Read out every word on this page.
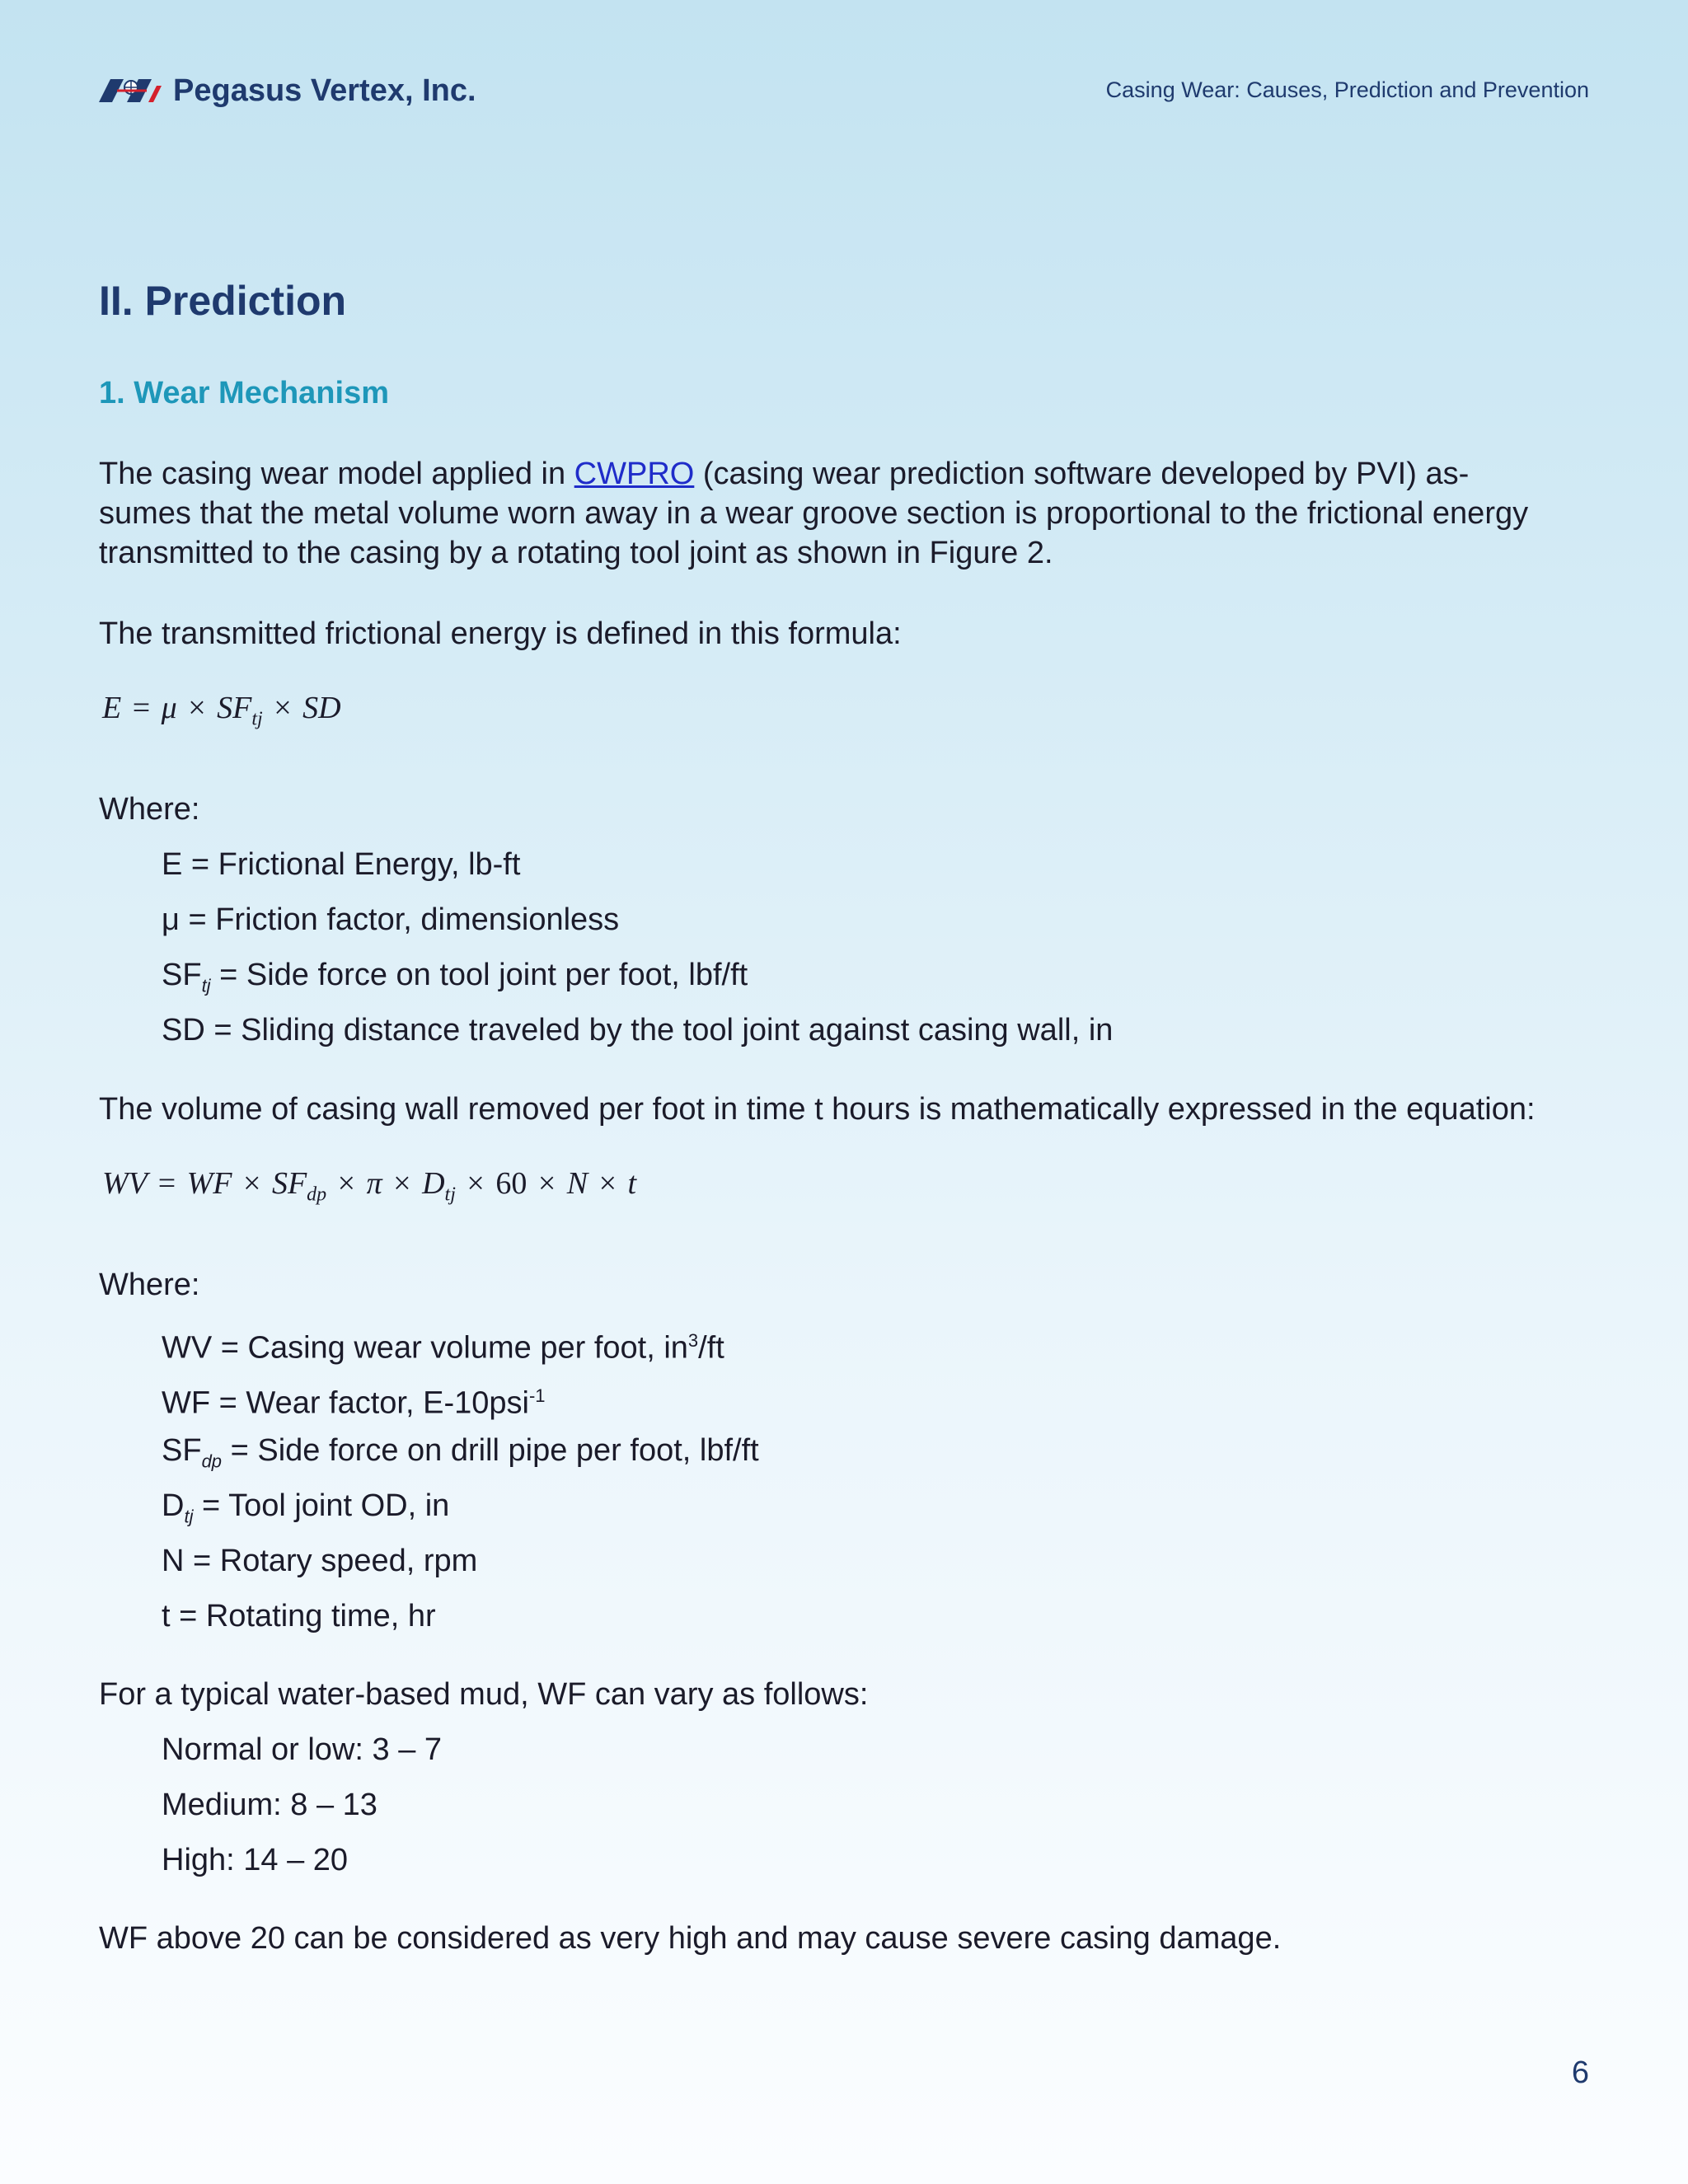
Pegasus Vertex, Inc.	Casing Wear: Causes, Prediction and Prevention
II. Prediction
1. Wear Mechanism

The casing wear model applied in CWPRO (casing wear prediction software developed by PVI) as-
sumes that the metal volume worn away in a wear groove section is proportional to the frictional energy
transmitted to the casing by a rotating tool joint as shown in Figure 2.

The transmitted frictional energy is defined in this formula:

$E = \mu \times SF_{tj}$ × SD

Where:

E = Frictional Energy, lb-ft
μ = Friction factor, dimensionless
$SF_{tj}$ = Side force on tool joint per foot, lbf/ft
SD = Sliding distance traveled by the tool joint against casing wall, in

The volume of casing wall removed per foot in time t hours is mathematically expressed in the equation:

WV = WF × $SF_{dp} \times \pi \times D_{tj} \times 60 \times N \times t$

Where:

WV = Casing wear volume per foot, $in^3/ft$
WF = Wear factor, E-10psi$^{-1}$
$SF_{dp}$ = Side force on drill pipe per foot, lbf/ft
$D_{tj}$ = Tool joint OD, in
N = Rotary speed, rpm
t = Rotating time, hr

For a typical water-based mud, WF can vary as follows:

Normal or low: 3 – 7
Medium: 8 – 13
High: 14 – 20

WF above 20 can be considered as very high and may cause severe casing damage.

6
